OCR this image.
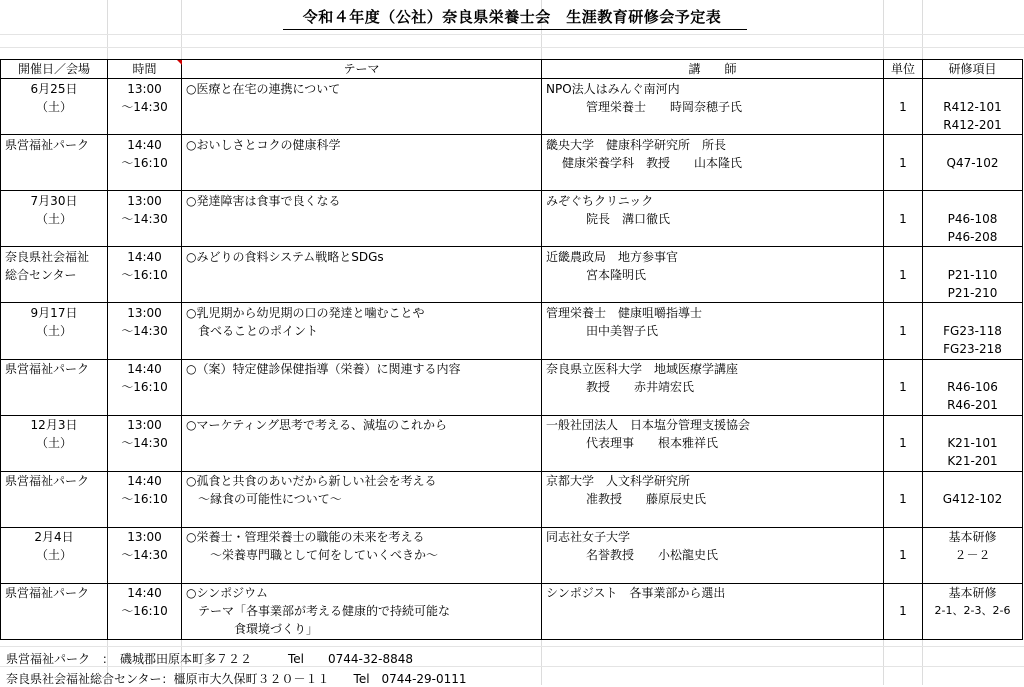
令和４年度（公社）奈良県栄養士会　生涯教育研修会予定表
開催日／会場	時間	テーマ	講　　師	単位	研修項目
6月25日	13:00	○医療と在宅の連携について	NPO法人はみんぐ南河内		
（土）	～14:30		管理栄養士　　時岡奈穂子氏	1	R412-101
					R412-201
県営福祉パーク	14:40	○おいしさとコクの健康科学	畿央大学　健康科学研究所　所長		
	～16:10		健康栄養学科　教授　　山本隆氏	1	Q47-102

7月30日	13:00	○発達障害は食事で良くなる	みぞぐちクリニック		
（土）	～14:30		院長　溝口徹氏	1	P46-108
					P46-208
奈良県社会福祉	14:40	○みどりの食料システム戦略とSDGs	近畿農政局　地方参事官		
総合センター	～16:10		宮本隆明氏	1	P21-110
					P21-210
9月17日	13:00	○乳児期から幼児期の口の発達と噛むことや	管理栄養士　健康咀嚼指導士		
（土）	～14:30	　食べることのポイント	田中美智子氏	1	FG23-118
					FG23-218
県営福祉パーク	14:40	○（案）特定健診保健指導（栄養）に関連する内容	奈良県立医科大学　地域医療学講座		
	～16:10		教授　　赤井靖宏氏	1	R46-106
					R46-201
12月3日	13:00	○マーケティング思考で考える、減塩のこれから	一般社団法人　日本塩分管理支援協会		
（土）	～14:30		代表理事　　根本雅祥氏	1	K21-101
					K21-201
県営福祉パーク	14:40	○孤食と共食のあいだから新しい社会を考える	京都大学　人文科学研究所		
	～16:10	　～縁食の可能性について～	准教授　　藤原辰史氏	1	G412-102

2月4日	13:00	○栄養士・管理栄養士の職能の未来を考える	同志社女子大学		基本研修
（土）	～14:30	　　～栄養専門職として何をしていくべきか～	名誉教授　　小松龍史氏	1	２－２

県営福祉パーク	14:40	○シンポジウム	シンポジスト　各事業部から選出		基本研修
	～16:10	　テーマ「各事業部が考える健康的で持続可能な		1	2-1、2-3、2-6
		　　　　食環境づくり」			
県営福祉パーク　：　磯城郡田原本町多７２２　　　Tel　　0744-32-8848
奈良県社会福祉総合センター：橿原市大久保町３２０－１１　　Tel　0744-29-0111
